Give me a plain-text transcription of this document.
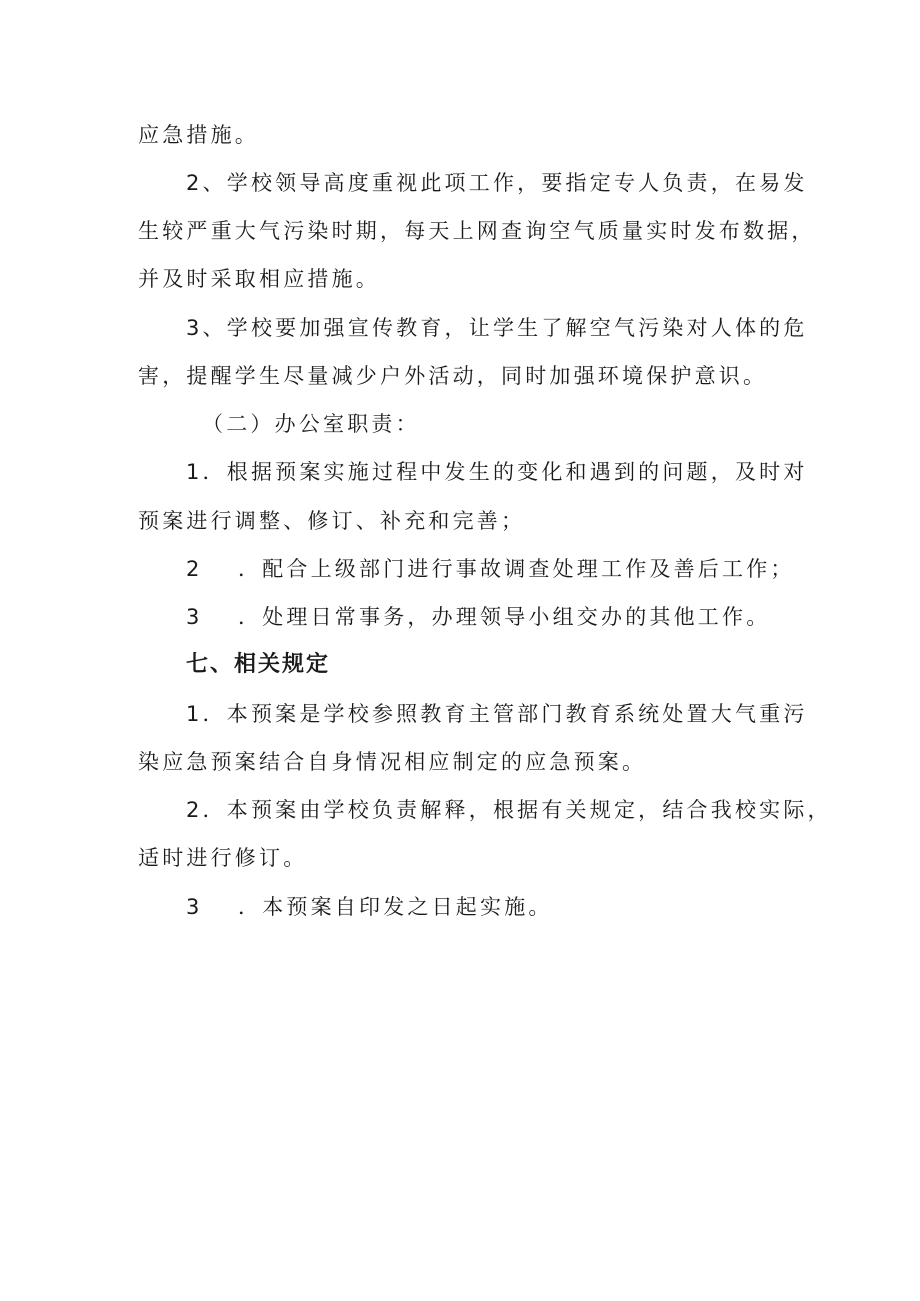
应急措施。
2、学校领导高度重视此项工作，要指定专人负责，在易发
生较严重大气污染时期，每天上网查询空气质量实时发布数据，
并及时采取相应措施。
3、学校要加强宣传教育，让学生了解空气污染对人体的危
害，提醒学生尽量减少户外活动，同时加强环境保护意识。
（二）办公室职责：
1．根据预案实施过程中发生的变化和遇到的问题，及时对
预案进行调整、修订、补充和完善；
2 ．配合上级部门进行事故调查处理工作及善后工作；
3 ．处理日常事务，办理领导小组交办的其他工作。
七、相关规定
1．本预案是学校参照教育主管部门教育系统处置大气重污
染应急预案结合自身情况相应制定的应急预案。
2．本预案由学校负责解释，根据有关规定，结合我校实际，
适时进行修订。
3 ．本预案自印发之日起实施。
